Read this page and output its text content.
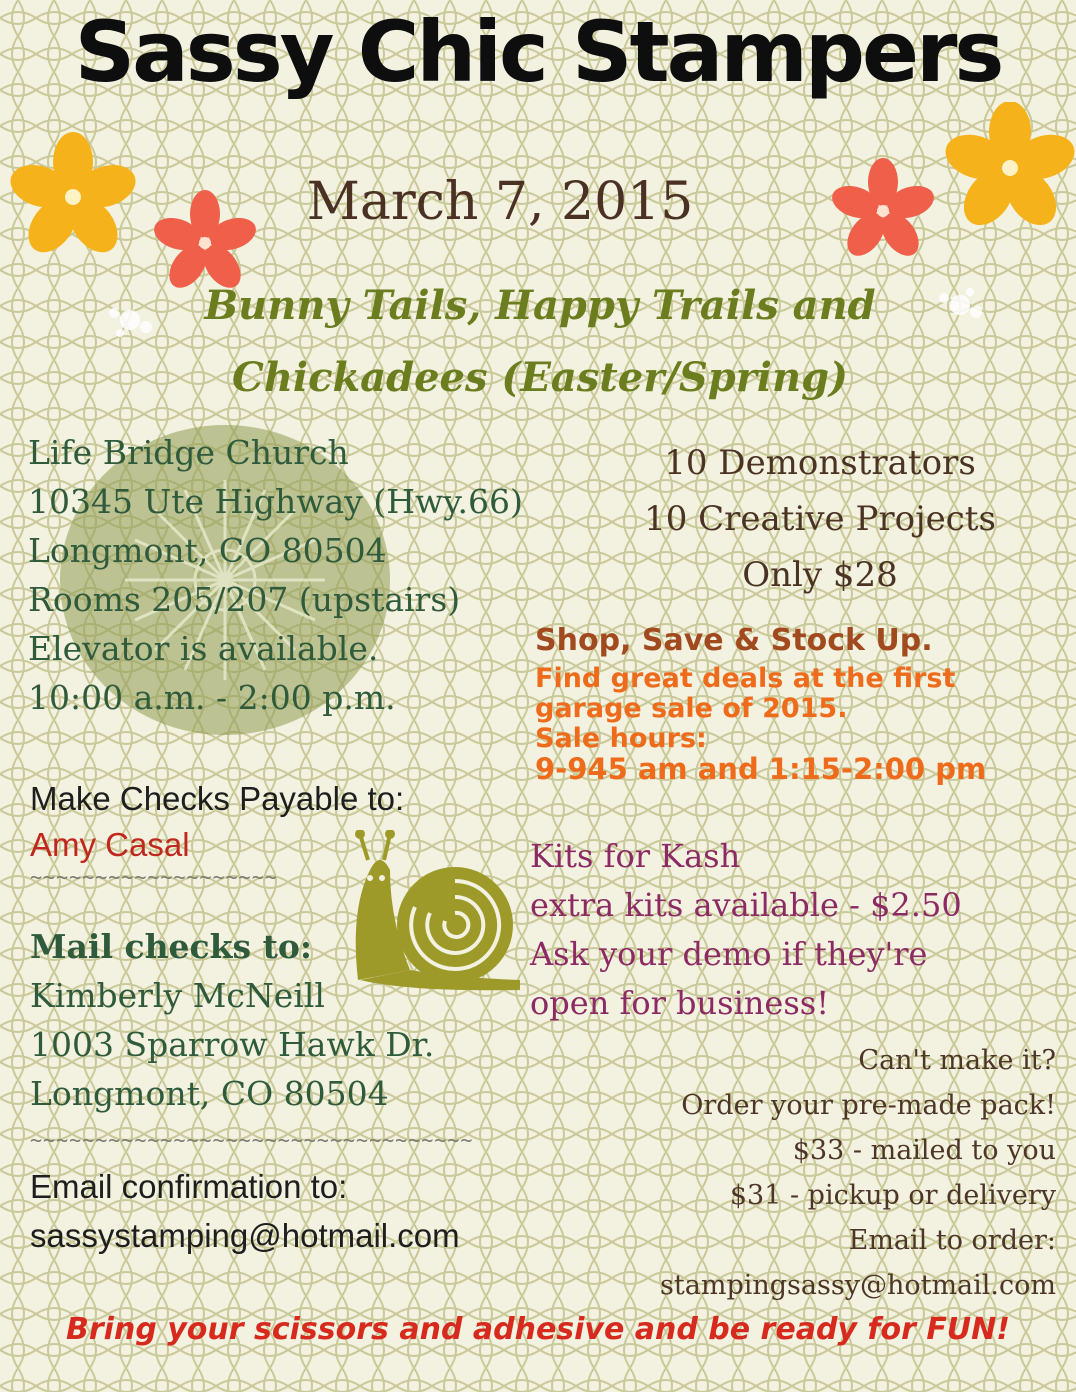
Sassy Chic Stampers
March 7, 2015
Bunny Tails, Happy Trails and
Chickadees (Easter/Spring)
Life Bridge Church
10345 Ute Highway (Hwy.66)
Longmont, CO 80504
Rooms 205/207 (upstairs)
Elevator is available.
10:00 a.m. - 2:00 p.m.
10 Demonstrators
10 Creative Projects
Only $28
Shop, Save & Stock Up.
Find great deals at the first
garage sale of 2015.
Sale hours:
9-945 am and 1:15-2:00 pm
Make Checks Payable to:
Amy Casal
~~~~~~~~~~~~~~~~~~~
Mail checks to:
Kimberly McNeill
1003 Sparrow Hawk Dr.
Longmont, CO 80504
~~~~~~~~~~~~~~~~~~~~~~~~~~~~~~~~~~
Email confirmation to:
sassystamping@hotmail.com
Kits for Kash
extra kits available - $2.50
Ask your demo if they're
open for business!
Can't make it?
Order your pre-made pack!
$33 - mailed to you
$31 - pickup or delivery
Email to order:
stampingsassy@hotmail.com
Bring your scissors and adhesive and be ready for FUN!
